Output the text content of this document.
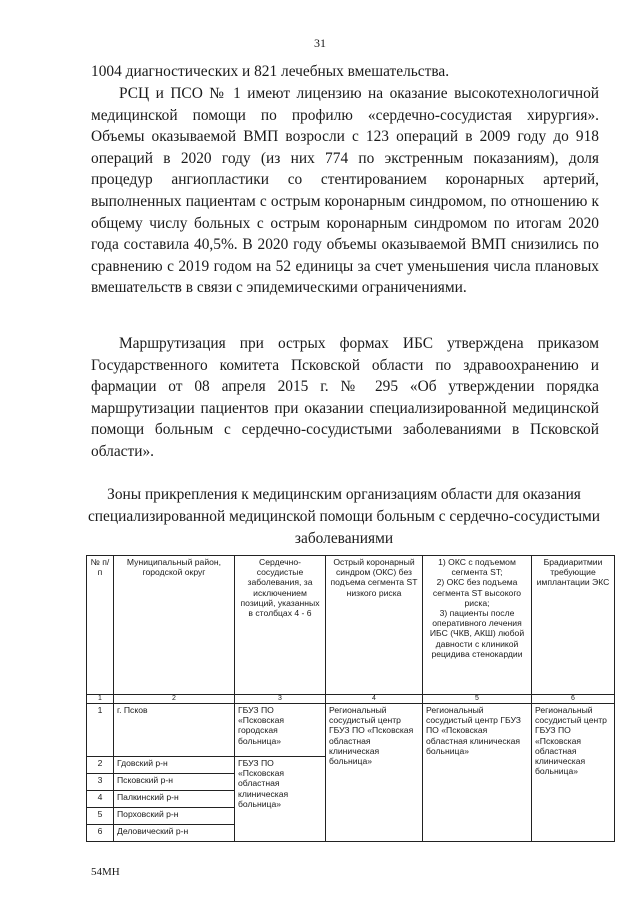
31

1004 диагностических и 821 лечебных вмешательства.

РСЦ и ПСО № 1 имеют лицензию на оказание высокотехнологичной медицинской помощи по профилю «сердечно-сосудистая хирургия». Объемы оказываемой ВМП возросли с 123 операций в 2009 году до 918 операций в 2020 году (из них 774 по экстренным показаниям), доля процедур ангиопластики со стентированием коронарных артерий, выполненных пациентам с острым коронарным синдромом, по отношению к общему числу больных с острым коронарным синдромом по итогам 2020 года составила 40,5%. В 2020 году объемы оказываемой ВМП снизились по сравнению с 2019 годом на 52 единицы за счет уменьшения числа плановых вмешательств в связи с эпидемическими ограничениями.

Маршрутизация при острых формах ИБС утверждена приказом Государственного комитета Псковской области по здравоохранению и фармации от 08 апреля 2015 г. № 295 «Об утверждении порядка маршрутизации пациентов при оказании специализированной медицинской помощи больным с сердечно-сосудистыми заболеваниями в Псковской области».

Зоны прикрепления к медицинским организациям области для оказания специализированной медицинской помощи больным с сердечно-сосудистыми заболеваниями

№ п/п	Муниципальный район, городской округ	Сердечно-сосудистые заболевания, за исключением позиций, указанных в столбцах 4 - 6	Острый коронарный синдром (ОКС) без подъема сегмента ST низкого риска	1) ОКС с подъемом сегмента ST;
2) ОКС без подъема сегмента ST высокого риска;
3) пациенты после оперативного лечения ИБС (ЧКВ, АКШ) любой давности с клиникой рецидива стенокардии	Брадиаритмии требующие имплантации ЭКС
1	2	3	4	5	6
1	г. Псков	ГБУЗ ПО «Псковская городская больница»	Региональный сосудистый центр ГБУЗ ПО «Псковская областная клиническая больница»	Региональный сосудистый центр ГБУЗ ПО «Псковская областная клиническая больница»	Региональный сосудистый центр ГБУЗ ПО «Псковская областная клиническая больница»
2	Гдовский р-н	ГБУЗ ПО «Псковская областная клиническая больница»			
3	Псковский р-н				
4	Палкинский р-н				
5	Порховский р-н				
6	Деловический р-н				
54МН
